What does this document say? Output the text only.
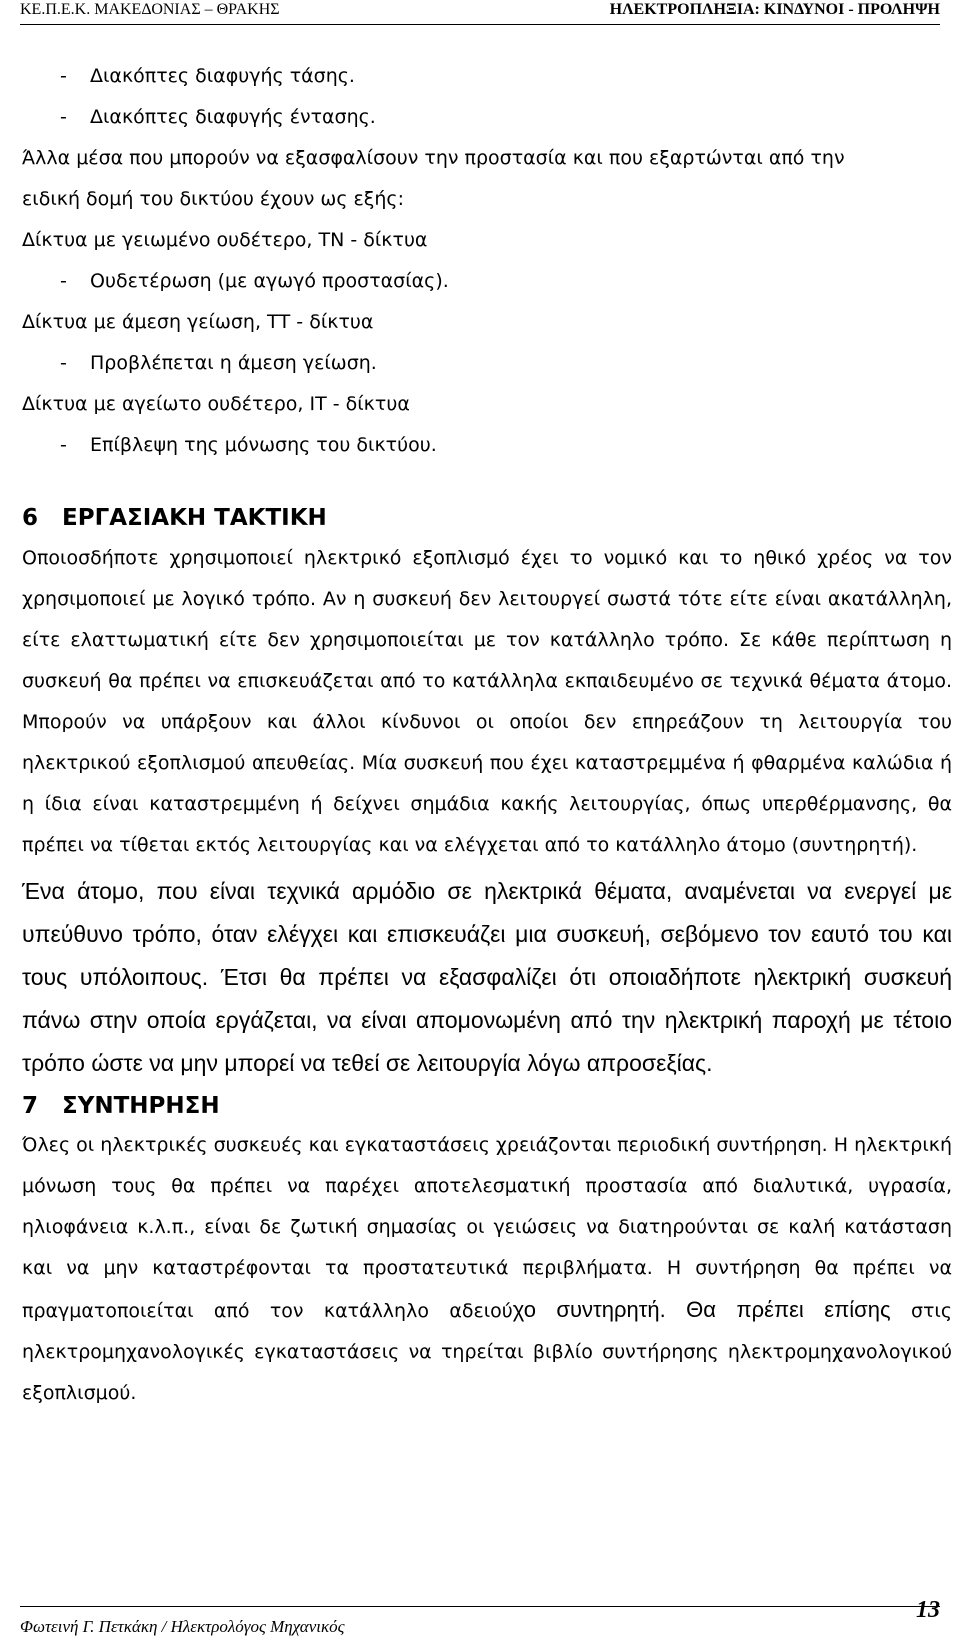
ΚΕ.Π.Ε.Κ. ΜΑΚΕΔΟΝΙΑΣ – ΘΡΑΚΗΣ	ΗΛΕΚΤΡΟΠΛΗΞΙΑ: ΚΙΝΔΥΝΟΙ - ΠΡΟΛΗΨΗ
- Διακόπτες διαφυγής τάσης.
- Διακόπτες διαφυγής έντασης.
Άλλα μέσα που μπορούν να εξασφαλίσουν την προστασία και που εξαρτώνται από την
ειδική δομή του δικτύου έχουν ως εξής:
Δίκτυα με γειωμένο ουδέτερο, ΤΝ - δίκτυα
- Ουδετέρωση (με αγωγό προστασίας).
Δίκτυα με άμεση γείωση, ΤΤ - δίκτυα
- Προβλέπεται η άμεση γείωση.
Δίκτυα με αγείωτο ουδέτερο, ΙΤ - δίκτυα
- Επίβλεψη της μόνωσης του δικτύου.
6 ΕΡΓΑΣΙΑΚΗ ΤΑΚΤΙΚΗ
Οποιοσδήποτε χρησιμοποιεί ηλεκτρικό εξοπλισμό έχει το νομικό και το ηθικό χρέος να τον χρησιμοποιεί με λογικό τρόπο. Αν η συσκευή δεν λειτουργεί σωστά τότε είτε είναι ακατάλληλη, είτε ελαττωματική είτε δεν χρησιμοποιείται με τον κατάλληλο τρόπο. Σε κάθε περίπτωση η συσκευή θα πρέπει να επισκευάζεται από το κατάλληλα εκπαιδευμένο σε τεχνικά θέματα άτομο. Μπορούν να υπάρξουν και άλλοι κίνδυνοι οι οποίοι δεν επηρεάζουν τη λειτουργία του ηλεκτρικού εξοπλισμού απευθείας. Μία συσκευή που έχει καταστρεμμένα ή φθαρμένα καλώδια ή η ίδια είναι καταστρεμμένη ή δείχνει σημάδια κακής λειτουργίας, όπως υπερθέρμανσης, θα πρέπει να τίθεται εκτός λειτουργίας και να ελέγχεται από το κατάλληλο άτομο (συντηρητή).
Ένα άτομο, που είναι τεχνικά αρμόδιο σε ηλεκτρικά θέματα, αναμένεται να ενεργεί με υπεύθυνο τρόπο, όταν ελέγχει και επισκευάζει μια συσκευή, σεβόμενο τον εαυτό του και τους υπόλοιπους. Έτσι θα πρέπει να εξασφαλίζει ότι οποιαδήποτε ηλεκτρική συσκευή πάνω στην οποία εργάζεται, να είναι απομονωμένη από την ηλεκτρική παροχή με τέτοιο τρόπο ώστε να μην μπορεί να τεθεί σε λειτουργία λόγω απροσεξίας.
7 ΣΥΝΤΗΡΗΣΗ
Όλες οι ηλεκτρικές συσκευές και εγκαταστάσεις χρειάζονται περιοδική συντήρηση. Η ηλεκτρική μόνωση τους θα πρέπει να παρέχει αποτελεσματική προστασία από διαλυτικά, υγρασία, ηλιοφάνεια κ.λ.π., είναι δε ζωτική σημασίας οι γειώσεις να διατηρούνται σε καλή κατάσταση και να μην καταστρέφονται τα προστατευτικά περιβλήματα. Η συντήρηση θα πρέπει να πραγματοποιείται από τον κατάλληλο αδειούχο συντηρητή. Θα πρέπει επίσης στις ηλεκτρομηχανολογικές εγκαταστάσεις να τηρείται βιβλίο συντήρησης ηλεκτρομηχανολογικού εξοπλισμού.
Φωτεινή Γ. Πετκάκη / Ηλεκτρολόγος Μηχανικός
13
